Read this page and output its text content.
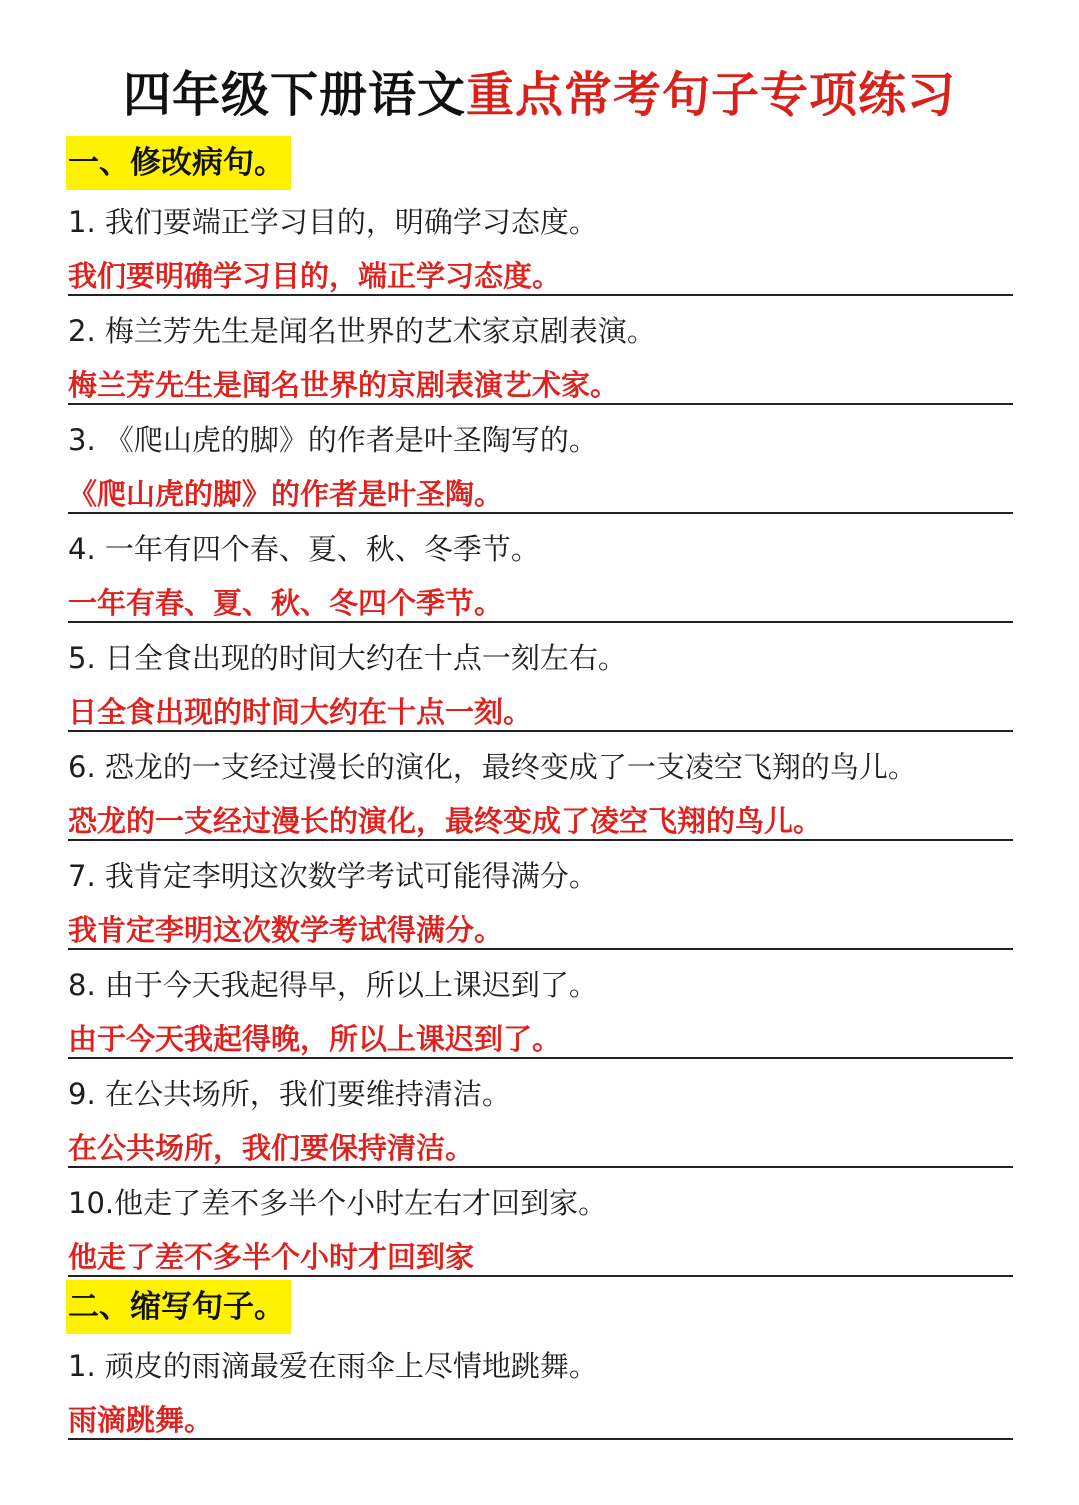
四年级下册语文重点常考句子专项练习
一、修改病句。
1. 我们要端正学习目的，明确学习态度。
我们要明确学习目的，端正学习态度。
2. 梅兰芳先生是闻名世界的艺术家京剧表演。
梅兰芳先生是闻名世界的京剧表演艺术家。
3. 《爬山虎的脚》的作者是叶圣陶写的。
《爬山虎的脚》的作者是叶圣陶。
4. 一年有四个春、夏、秋、冬季节。
一年有春、夏、秋、冬四个季节。
5. 日全食出现的时间大约在十点一刻左右。
日全食出现的时间大约在十点一刻。
6. 恐龙的一支经过漫长的演化，最终变成了一支凌空飞翔的鸟儿。
恐龙的一支经过漫长的演化，最终变成了凌空飞翔的鸟儿。
7. 我肯定李明这次数学考试可能得满分。
我肯定李明这次数学考试得满分。
8. 由于今天我起得早，所以上课迟到了。
由于今天我起得晚，所以上课迟到了。
9. 在公共场所，我们要维持清洁。
在公共场所，我们要保持清洁。
10.他走了差不多半个小时左右才回到家。
他走了差不多半个小时才回到家
二、缩写句子。
1. 顽皮的雨滴最爱在雨伞上尽情地跳舞。
雨滴跳舞。
